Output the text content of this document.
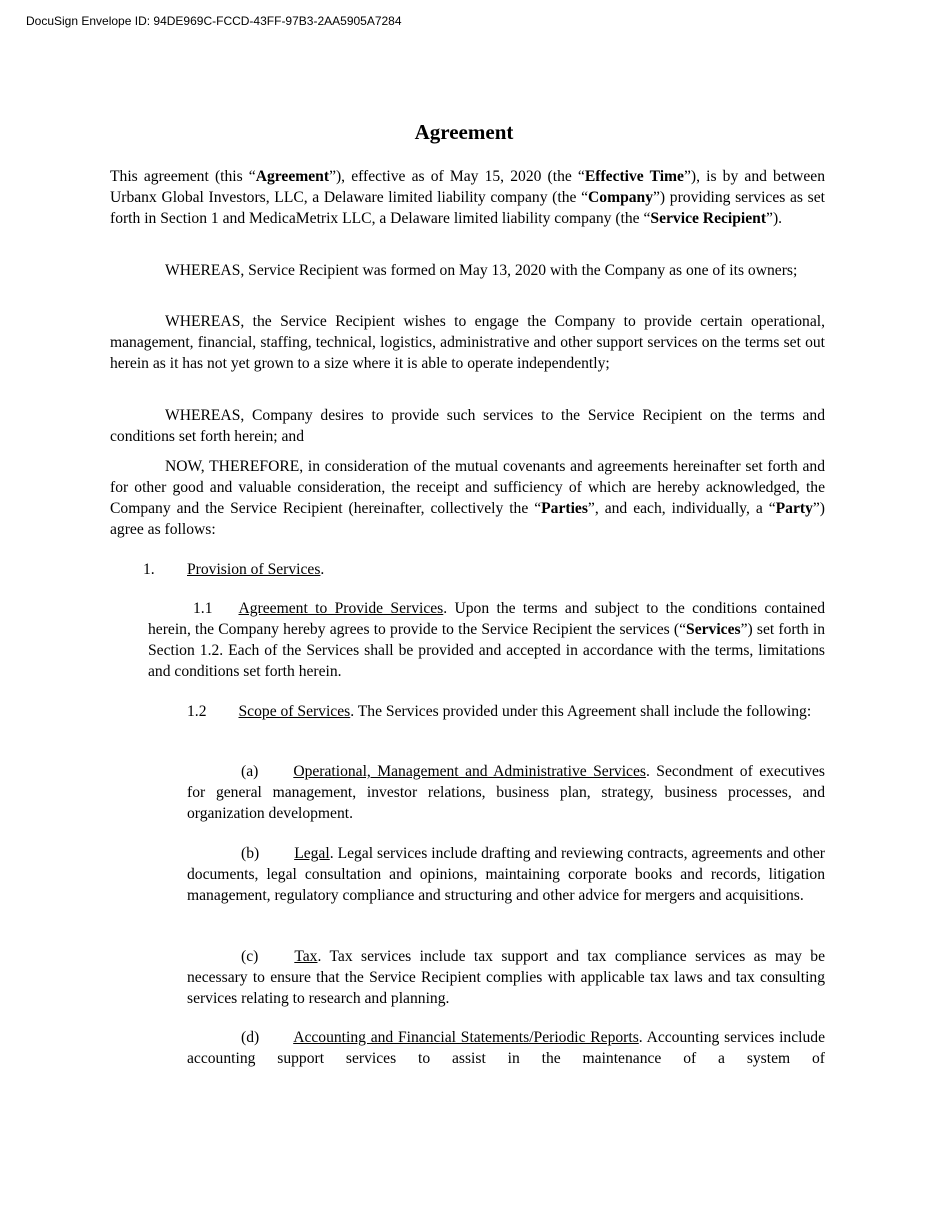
DocuSign Envelope ID: 94DE969C-FCCD-43FF-97B3-2AA5905A7284
Agreement

This agreement (this “Agreement”), effective as of May 15, 2020 (the “Effective Time”), is by and between Urbanx Global Investors, LLC, a Delaware limited liability company (the “Company”) providing services as set forth in Section 1 and MedicaMetrix LLC, a Delaware limited liability company (the “Service Recipient”).

WHEREAS, Service Recipient was formed on May 13, 2020 with the Company as one of its owners;

WHEREAS, the Service Recipient wishes to engage the Company to provide certain operational, management, financial, staffing, technical, logistics, administrative and other support services on the terms set out herein as it has not yet grown to a size where it is able to operate independently;

WHEREAS, Company desires to provide such services to the Service Recipient on the terms and conditions set forth herein; and

NOW, THEREFORE, in consideration of the mutual covenants and agreements hereinafter set forth and for other good and valuable consideration, the receipt and sufficiency of which are hereby acknowledged, the Company and the Service Recipient (hereinafter, collectively the “Parties”, and each, individually, a “Party”) agree as follows:

1. Provision of Services.

1.1 Agreement to Provide Services. Upon the terms and subject to the conditions contained herein, the Company hereby agrees to provide to the Service Recipient the services (“Services”) set forth in Section 1.2. Each of the Services shall be provided and accepted in accordance with the terms, limitations and conditions set forth herein.

1.2 Scope of Services. The Services provided under this Agreement shall include the following:

(a) Operational, Management and Administrative Services. Secondment of executives for general management, investor relations, business plan, strategy, business processes, and organization development.

(b) Legal. Legal services include drafting and reviewing contracts, agreements and other documents, legal consultation and opinions, maintaining corporate books and records, litigation management, regulatory compliance and structuring and other advice for mergers and acquisitions.

(c) Tax. Tax services include tax support and tax compliance services as may be necessary to ensure that the Service Recipient complies with applicable tax laws and tax consulting services relating to research and planning.

(d) Accounting and Financial Statements/Periodic Reports. Accounting services include accounting support services to assist in the maintenance of a system of
